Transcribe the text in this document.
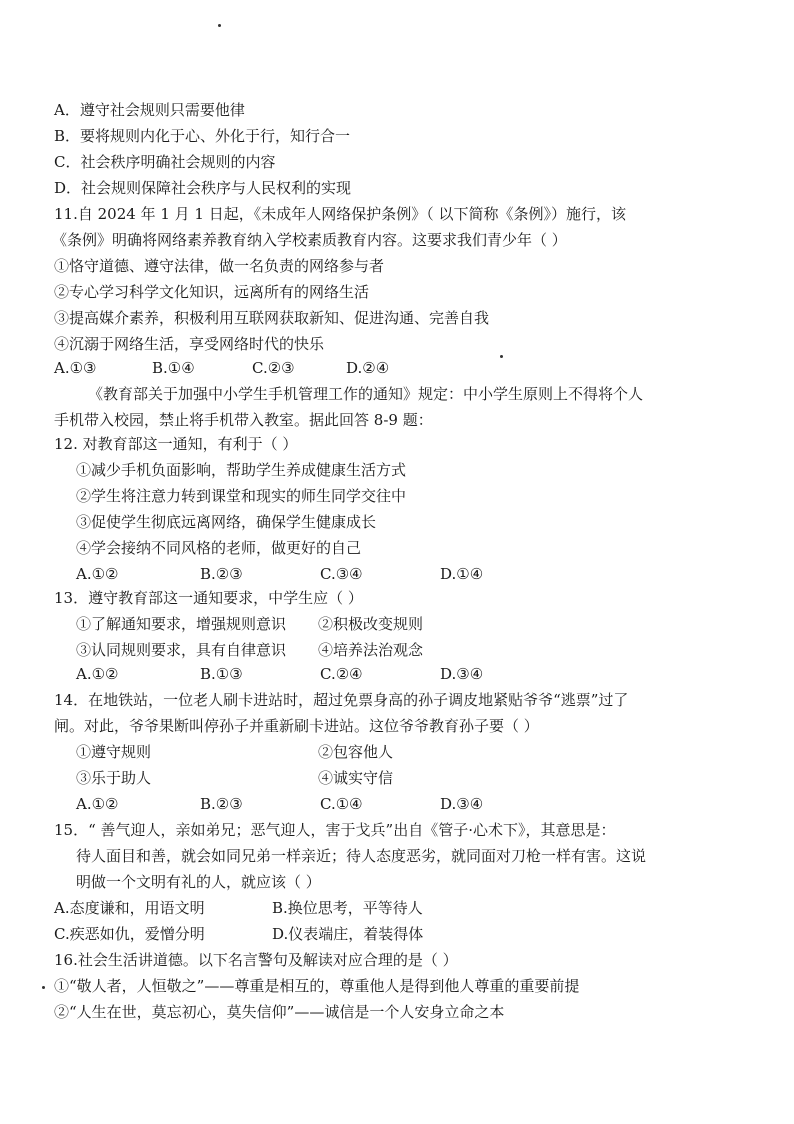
A．遵守社会规则只需要他律
B．要将规则内化于心、外化于行，知行合一
C．社会秩序明确社会规则的内容
D．社会规则保障社会秩序与人民权利的实现
11.自 2024 年 1 月 1 日起，《未成年人网络保护条例》（ 以下简称《条例》）施行，该
《条例》明确将网络素养教育纳入学校素质教育内容。这要求我们青少年（ ）
①恪守道德、遵守法律，做一名负责的网络参与者
②专心学习科学文化知识，远离所有的网络生活
③提高媒介素养，积极利用互联网获取新知、促进沟通、完善自我
④沉溺于网络生活，享受网络时代的快乐
A.①③	B.①④	C.②③	D.②④
《教育部关于加强中小学生手机管理工作的通知》规定：中小学生原则上不得将个人
手机带入校园，禁止将手机带入教室。据此回答 8-9 题：
12. 对教育部这一通知，有利于（ ）
①减少手机负面影响，帮助学生养成健康生活方式
②学生将注意力转到课堂和现实的师生同学交往中
③促使学生彻底远离网络，确保学生健康成长
④学会接纳不同风格的老师，做更好的自己
A.①②	B.②③	C.③④	D.①④
13．遵守教育部这一通知要求，中学生应（ ）
①了解通知要求，增强规则意识 ②积极改变规则
③认同规则要求，具有自律意识 ④培养法治观念
A.①②	B.①③	C.②④	D.③④
14．在地铁站，一位老人刷卡进站时，超过免票身高的孙子调皮地紧贴爷爷“逃票”过了
闸。对此，爷爷果断叫停孙子并重新刷卡进站。这位爷爷教育孙子要（ ）
①遵守规则	②包容他人
③乐于助人	④诚实守信
A.①②	B.②③	C.①④	D.③④
15．“ 善气迎人，亲如弟兄；恶气迎人，害于戈兵”出自《管子·心术下》，其意思是：
待人面目和善，就会如同兄弟一样亲近；待人态度恶劣，就同面对刀枪一样有害。这说
明做一个文明有礼的人，就应该（ ）
A.态度谦和，用语文明	B.换位思考，平等待人
C.疾恶如仇，爱憎分明	D.仪表端庄，着装得体
16.社会生活讲道德。以下名言警句及解读对应合理的是（ ）
①“敬人者，人恒敬之”——尊重是相互的，尊重他人是得到他人尊重的重要前提
②“人生在世，莫忘初心，莫失信仰”——诚信是一个人安身立命之本
